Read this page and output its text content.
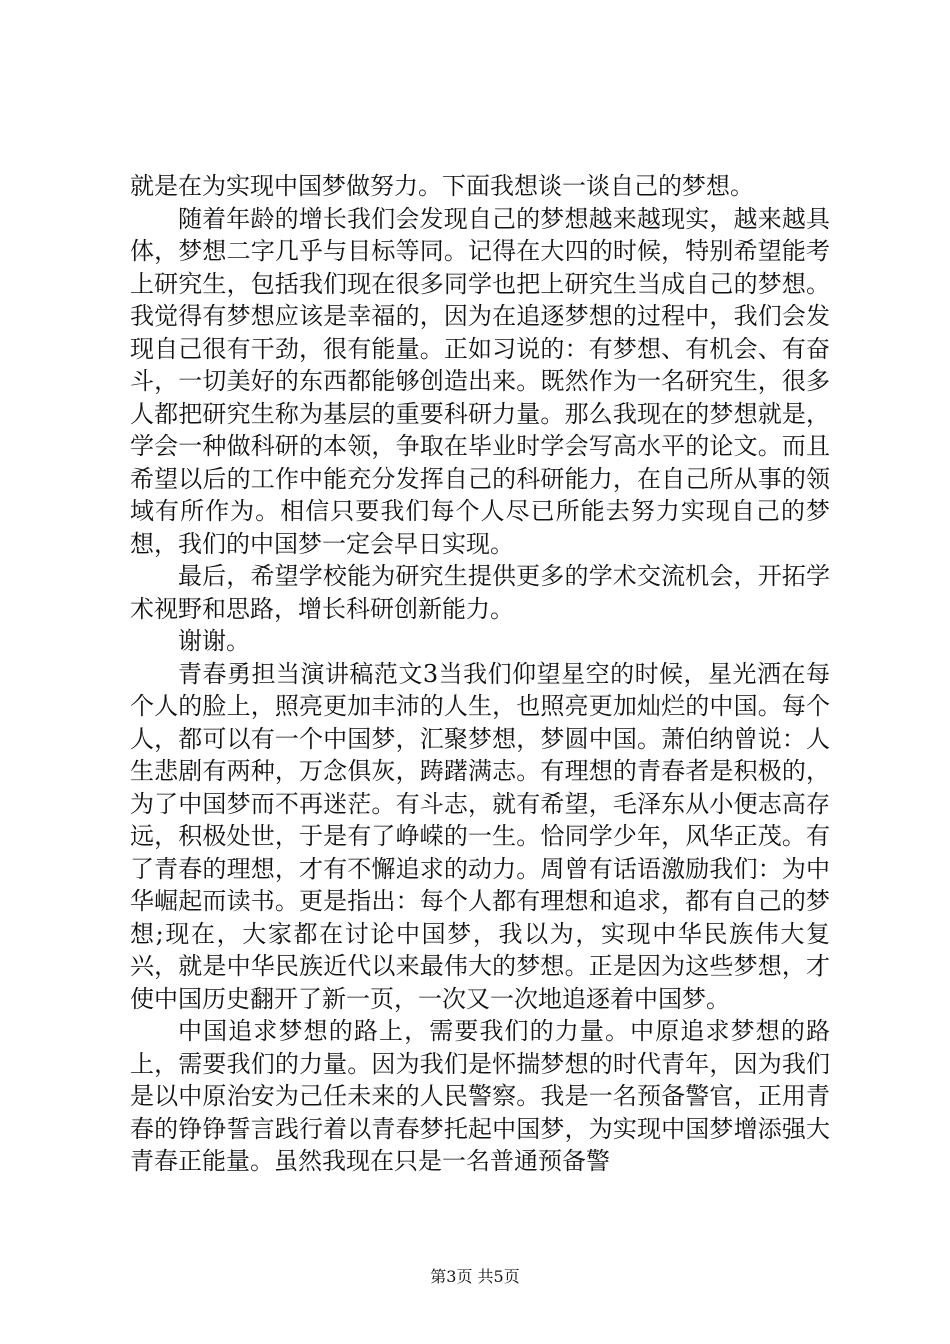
就是在为实现中国梦做努力。下面我想谈一谈自己的梦想。

随着年龄的增长我们会发现自己的梦想越来越现实，越来越具体，梦想二字几乎与目标等同。记得在大四的时候，特别希望能考上研究生，包括我们现在很多同学也把上研究生当成自己的梦想。我觉得有梦想应该是幸福的，因为在追逐梦想的过程中，我们会发现自己很有干劲，很有能量。正如习说的：有梦想、有机会、有奋斗，一切美好的东西都能够创造出来。既然作为一名研究生，很多人都把研究生称为基层的重要科研力量。那么我现在的梦想就是，学会一种做科研的本领，争取在毕业时学会写高水平的论文。而且希望以后的工作中能充分发挥自己的科研能力，在自己所从事的领域有所作为。相信只要我们每个人尽已所能去努力实现自己的梦想，我们的中国梦一定会早日实现。

最后，希望学校能为研究生提供更多的学术交流机会，开拓学术视野和思路，增长科研创新能力。

谢谢。

青春勇担当演讲稿范文3当我们仰望星空的时候，星光洒在每个人的脸上，照亮更加丰沛的人生，也照亮更加灿烂的中国。每个人，都可以有一个中国梦，汇聚梦想，梦圆中国。萧伯纳曾说：人生悲剧有两种，万念俱灰，踌躇满志。有理想的青春者是积极的，为了中国梦而不再迷茫。有斗志，就有希望，毛泽东从小便志高存远，积极处世，于是有了峥嵘的一生。恰同学少年，风华正茂。有了青春的理想，才有不懈追求的动力。周曾有话语激励我们：为中华崛起而读书。更是指出：每个人都有理想和追求，都有自己的梦想;现在，大家都在讨论中国梦，我以为，实现中华民族伟大复兴，就是中华民族近代以来最伟大的梦想。正是因为这些梦想，才使中国历史翻开了新一页，一次又一次地追逐着中国梦。

中国追求梦想的路上，需要我们的力量。中原追求梦想的路上，需要我们的力量。因为我们是怀揣梦想的时代青年，因为我们是以中原治安为己任未来的人民警察。我是一名预备警官，正用青春的铮铮誓言践行着以青春梦托起中国梦，为实现中国梦增添强大青春正能量。虽然我现在只是一名普通预备警

第3页 共5页
